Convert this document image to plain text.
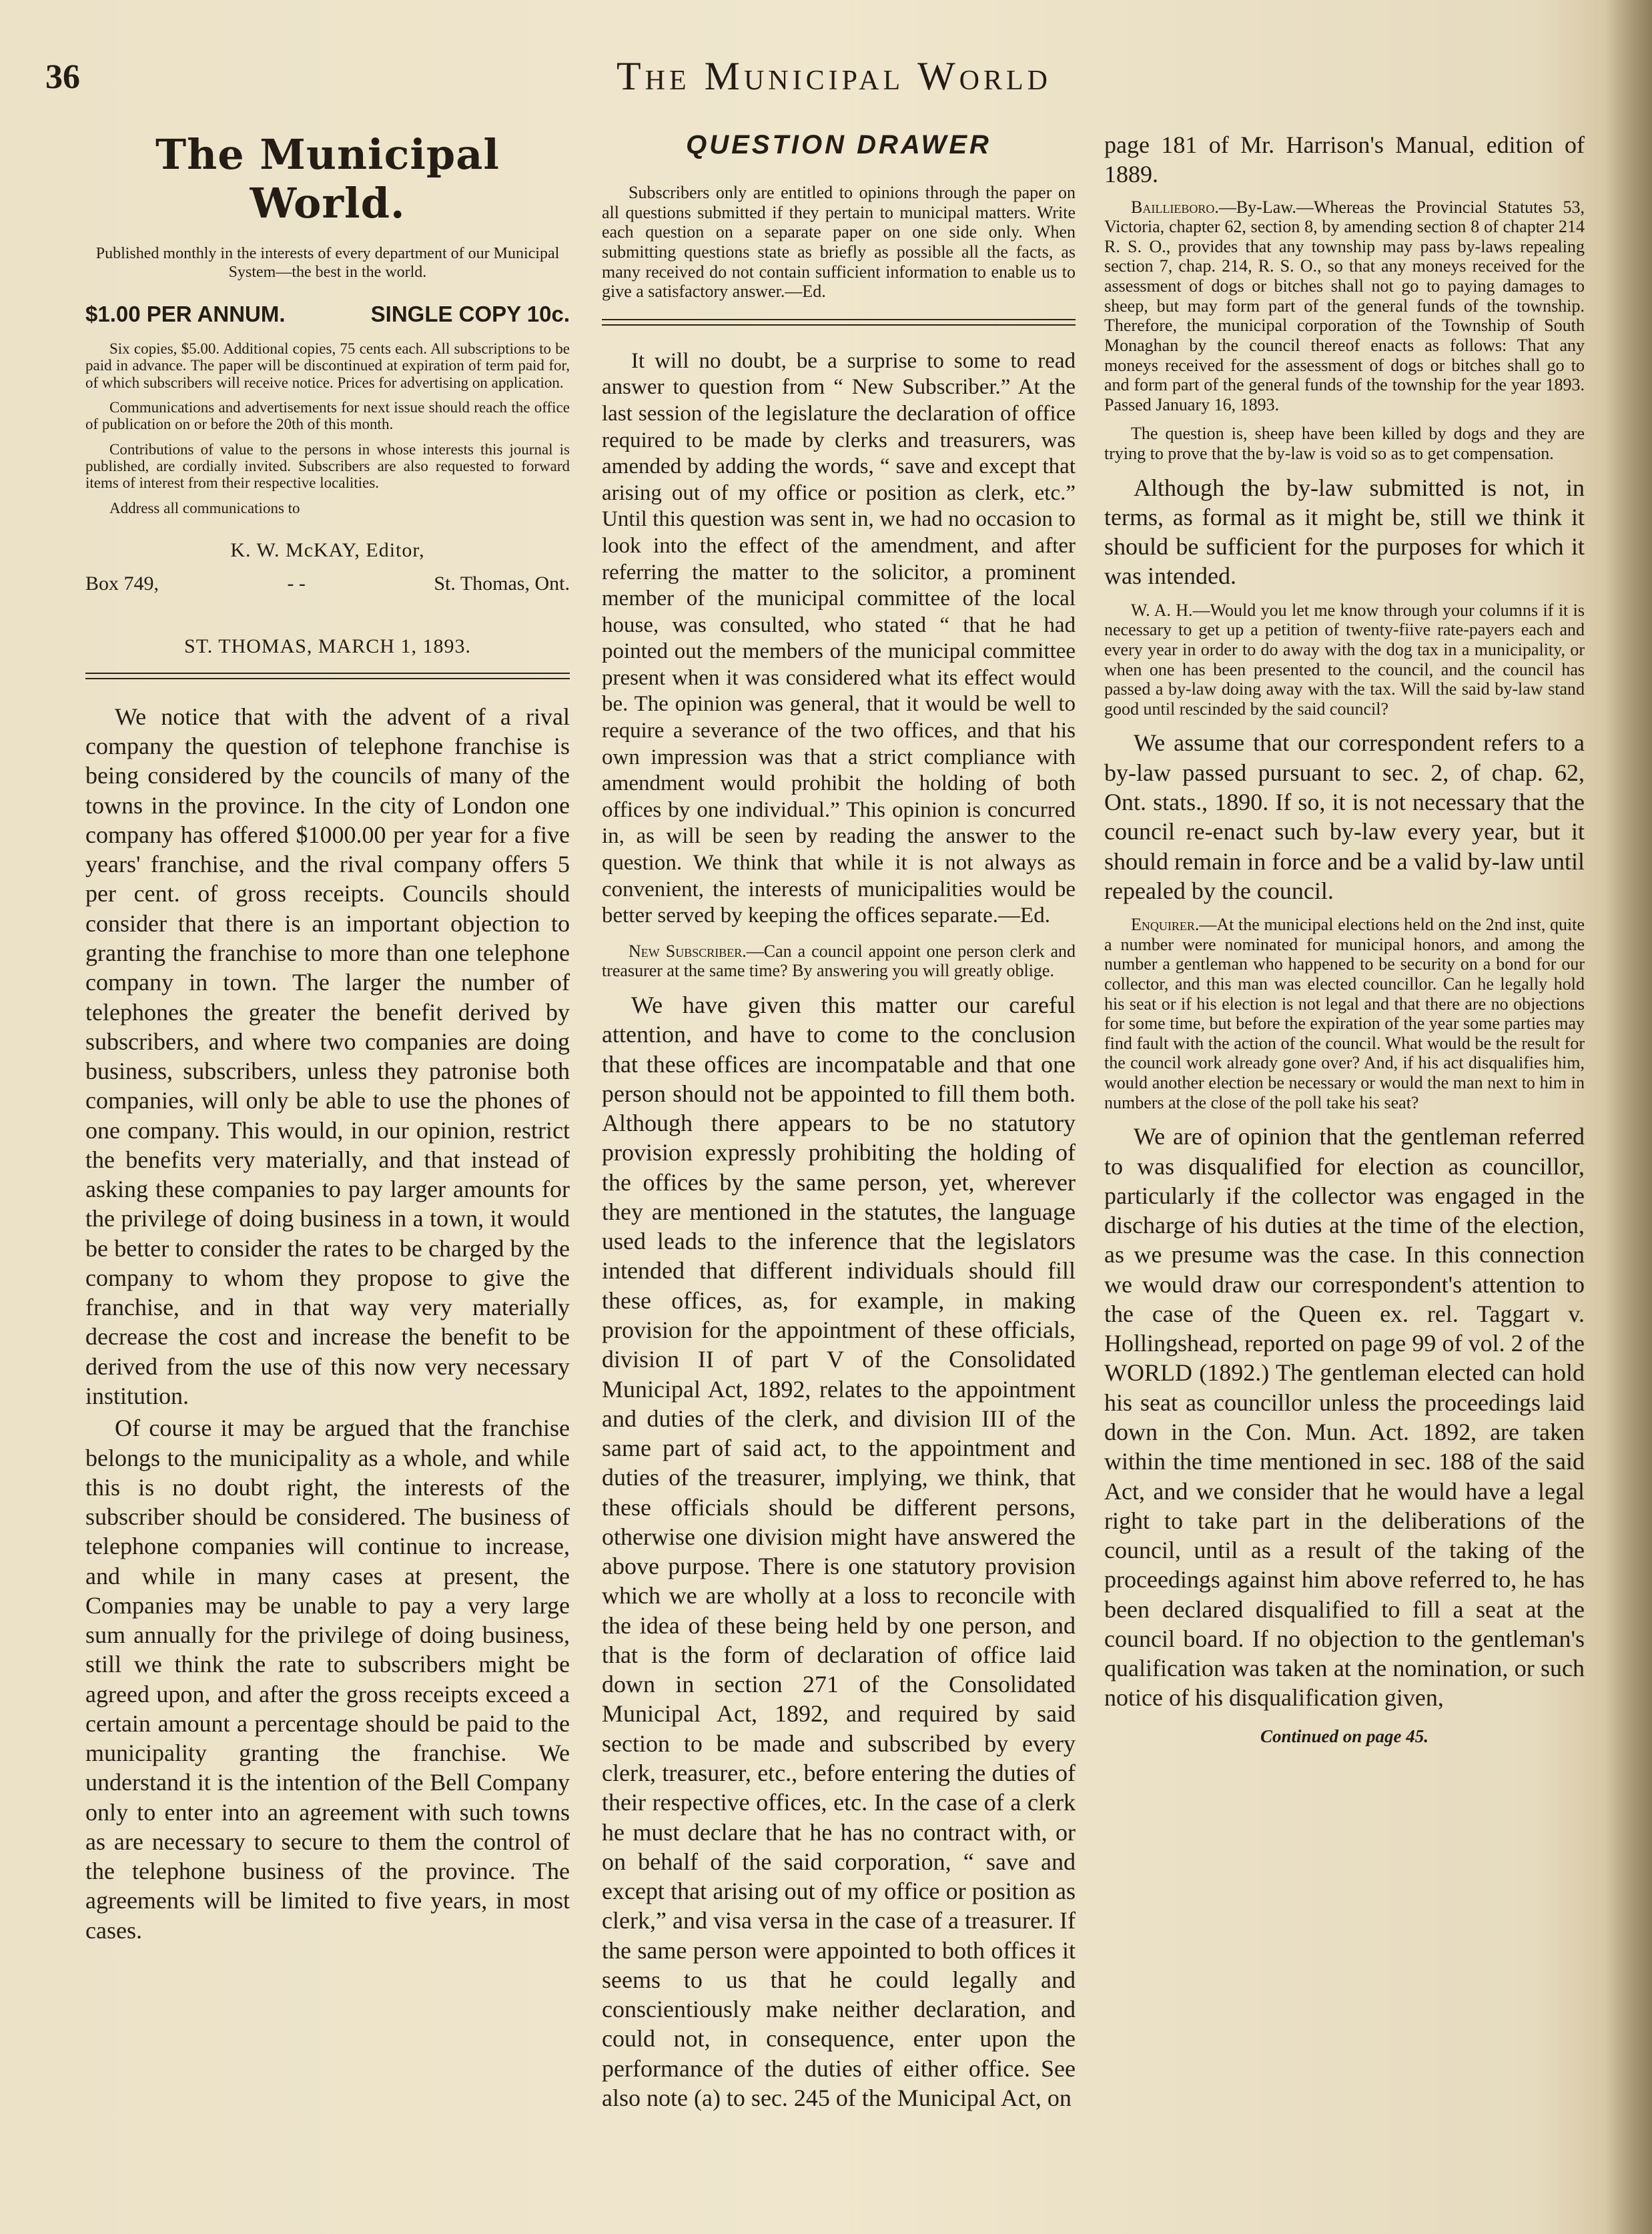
36	The Municipal World
The Municipal World.
Published monthly in the interests of every department of our Municipal System—the best in the world.
$1.00 PER ANNUM.	SINGLE COPY 10c.

Six copies, $5.00. Additional copies, 75 cents each. All subscriptions to be paid in advance. The paper will be discontinued at expiration of term paid for, of which subscribers will receive notice. Prices for advertising on application.

Communications and advertisements for next issue should reach the office of publication on or before the 20th of this month.

Contributions of value to the persons in whose interests this journal is published, are cordially invited. Subscribers are also requested to forward items of interest from their respective localities.

Address all communications to

K. W. McKAY, Editor,
Box 749,	- -	St. Thomas, Ont.
ST. THOMAS, MARCH 1, 1893.

We notice that with the advent of a rival company the question of telephone franchise is being considered by the councils of many of the towns in the province. In the city of London one company has offered $1000.00 per year for a five years' franchise, and the rival company offers 5 per cent. of gross receipts. Councils should consider that there is an important objection to granting the franchise to more than one telephone company in town. The larger the number of telephones the greater the benefit derived by subscribers, and where two companies are doing business, subscribers, unless they patronise both companies, will only be able to use the phones of one company. This would, in our opinion, restrict the benefits very materially, and that instead of asking these companies to pay larger amounts for the privilege of doing business in a town, it would be better to consider the rates to be charged by the company to whom they propose to give the franchise, and in that way very materially decrease the cost and increase the benefit to be derived from the use of this now very necessary institution.

Of course it may be argued that the franchise belongs to the municipality as a whole, and while this is no doubt right, the interests of the subscriber should be considered. The business of telephone companies will continue to increase, and while in many cases at present, the Companies may be unable to pay a very large sum annually for the privilege of doing business, still we think the rate to subscribers might be agreed upon, and after the gross receipts exceed a certain amount a percentage should be paid to the municipality granting the franchise. We understand it is the intention of the Bell Company only to enter into an agreement with such towns as are necessary to secure to them the control of the telephone business of the province. The agreements will be limited to five years, in most cases.

QUESTION DRAWER

Subscribers only are entitled to opinions through the paper on all questions submitted if they pertain to municipal matters. Write each question on a separate paper on one side only. When submitting questions state as briefly as possible all the facts, as many received do not contain sufficient information to enable us to give a satisfactory answer.—Ed.

It will no doubt, be a surprise to some to read answer to question from “ New Subscriber.” At the last session of the legislature the declaration of office required to be made by clerks and treasurers, was amended by adding the words, “ save and except that arising out of my office or position as clerk, etc.” Until this question was sent in, we had no occasion to look into the effect of the amendment, and after referring the matter to the solicitor, a prominent member of the municipal committee of the local house, was consulted, who stated “ that he had pointed out the members of the municipal committee present when it was considered what its effect would be. The opinion was general, that it would be well to require a severance of the two offices, and that his own impression was that a strict compliance with amendment would prohibit the holding of both offices by one individual.” This opinion is concurred in, as will be seen by reading the answer to the question. We think that while it is not always as convenient, the interests of municipalities would be better served by keeping the offices separate.—Ed.

New Subscriber.—Can a council appoint one person clerk and treasurer at the same time? By answering you will greatly oblige.

We have given this matter our careful attention, and have to come to the conclusion that these offices are incompatable and that one person should not be appointed to fill them both. Although there appears to be no statutory provision expressly prohibiting the holding of the offices by the same person, yet, wherever they are mentioned in the statutes, the language used leads to the inference that the legislators intended that different individuals should fill these offices, as, for example, in making provision for the appointment of these officials, division II of part V of the Consolidated Municipal Act, 1892, relates to the appointment and duties of the clerk, and division III of the same part of said act, to the appointment and duties of the treasurer, implying, we think, that these officials should be different persons, otherwise one division might have answered the above purpose. There is one statutory provision which we are wholly at a loss to reconcile with the idea of these being held by one person, and that is the form of declaration of office laid down in section 271 of the Consolidated Municipal Act, 1892, and required by said section to be made and subscribed by every clerk, treasurer, etc., before entering the duties of their respective offices, etc. In the case of a clerk he must declare that he has no contract with, or on behalf of the said corporation, “ save and except that arising out of my office or position as clerk,” and visa versa in the case of a treasurer. If the same person were appointed to both offices it seems to us that he could legally and conscientiously make neither declaration, and could not, in consequence, enter upon the performance of the duties of either office. See also note (a) to sec. 245 of the Municipal Act, on

page 181 of Mr. Harrison's Manual, edition of 1889.

Baillieboro.—By-Law.—Whereas the Provincial Statutes 53, Victoria, chapter 62, section 8, by amending section 8 of chapter 214 R. S. O., provides that any township may pass by-laws repealing section 7, chap. 214, R. S. O., so that any moneys received for the assessment of dogs or bitches shall not go to paying damages to sheep, but may form part of the general funds of the township. Therefore, the municipal corporation of the Township of South Monaghan by the council thereof enacts as follows: That any moneys received for the assessment of dogs or bitches shall go to and form part of the general funds of the township for the year 1893. Passed January 16, 1893.

The question is, sheep have been killed by dogs and they are trying to prove that the by-law is void so as to get compensation.

Although the by-law submitted is not, in terms, as formal as it might be, still we think it should be sufficient for the purposes for which it was intended.

W. A. H.—Would you let me know through your columns if it is necessary to get up a petition of twenty-fiive rate-payers each and every year in order to do away with the dog tax in a municipality, or when one has been presented to the council, and the council has passed a by-law doing away with the tax. Will the said by-law stand good until rescinded by the said council?

We assume that our correspondent refers to a by-law passed pursuant to sec. 2, of chap. 62, Ont. stats., 1890. If so, it is not necessary that the council re-enact such by-law every year, but it should remain in force and be a valid by-law until repealed by the council.

Enquirer.—At the municipal elections held on the 2nd inst, quite a number were nominated for municipal honors, and among the number a gentleman who happened to be security on a bond for our collector, and this man was elected councillor. Can he legally hold his seat or if his election is not legal and that there are no objections for some time, but before the expiration of the year some parties may find fault with the action of the council. What would be the result for the council work already gone over? And, if his act disqualifies him, would another election be necessary or would the man next to him in numbers at the close of the poll take his seat?

We are of opinion that the gentleman referred to was disqualified for election as councillor, particularly if the collector was engaged in the discharge of his duties at the time of the election, as we presume was the case. In this connection we would draw our correspondent's attention to the case of the Queen ex. rel. Taggart v. Hollingshead, reported on page 99 of vol. 2 of the WORLD (1892.) The gentleman elected can hold his seat as councillor unless the proceedings laid down in the Con. Mun. Act. 1892, are taken within the time mentioned in sec. 188 of the said Act, and we consider that he would have a legal right to take part in the deliberations of the council, until as a result of the taking of the proceedings against him above referred to, he has been declared disqualified to fill a seat at the council board. If no objection to the gentleman's qualification was taken at the nomination, or such notice of his disqualification given,

Continued on page 45.
